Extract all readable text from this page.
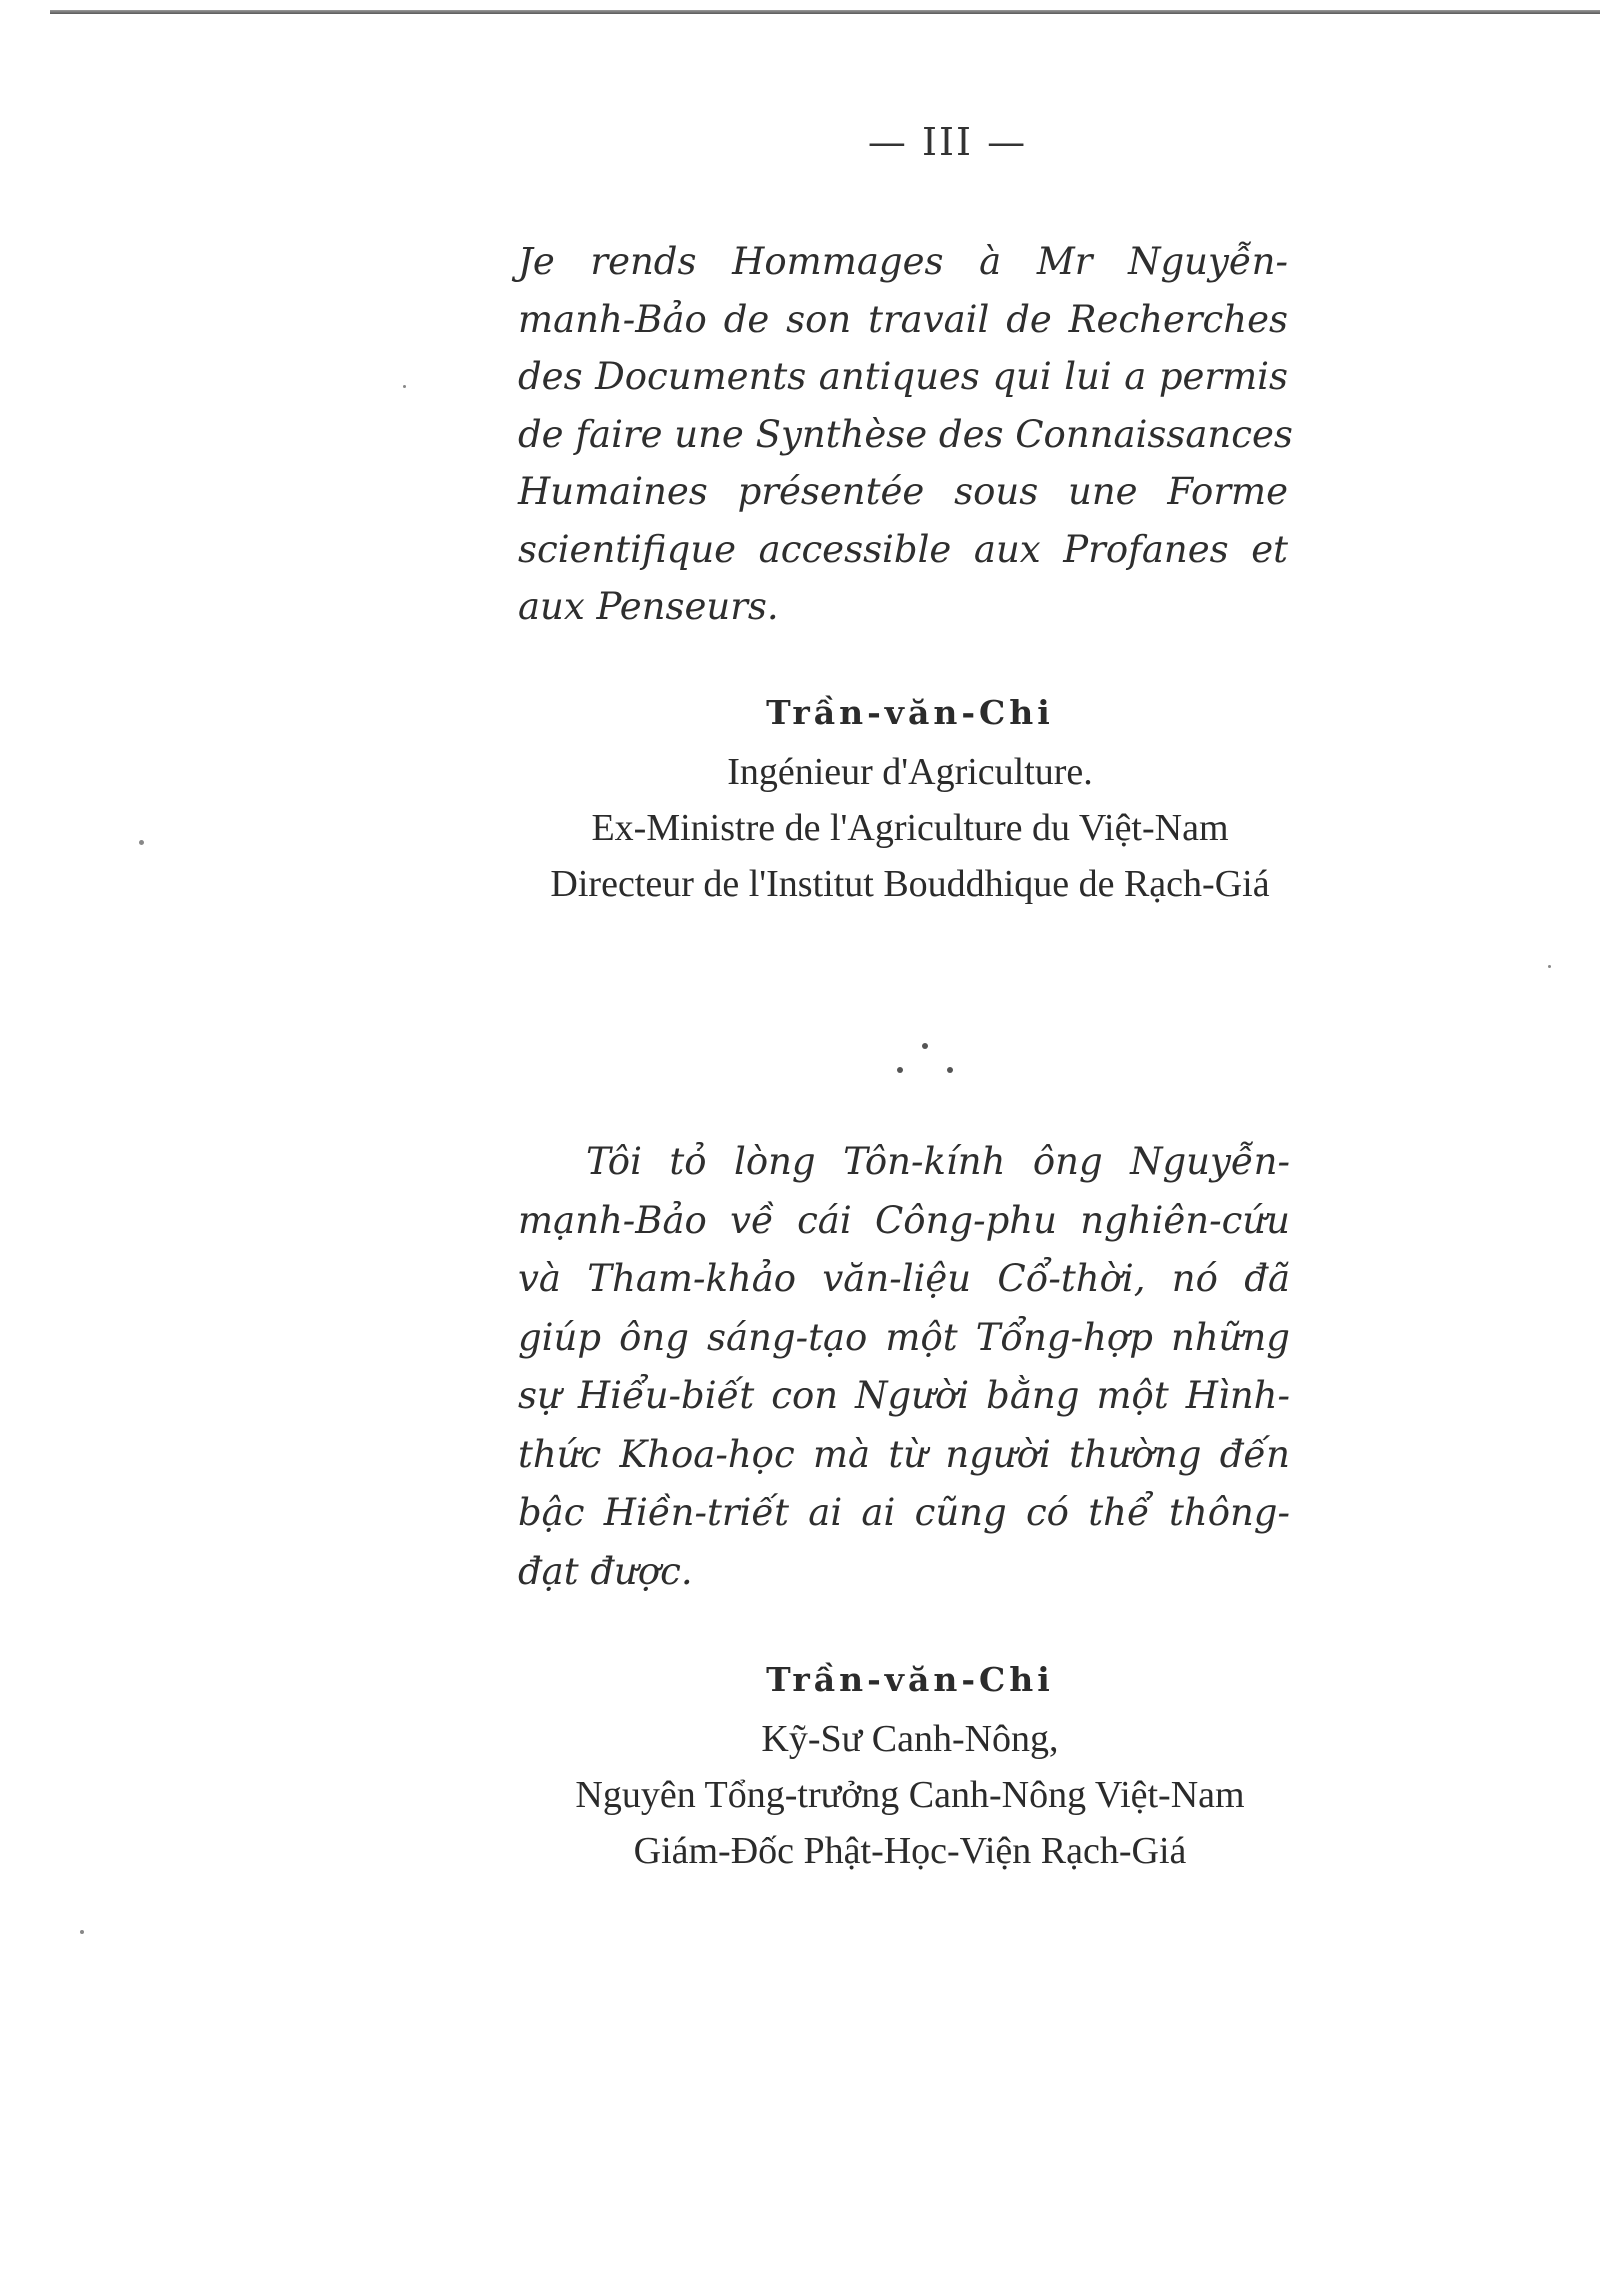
— III —
Je rends Hommages à Mr Nguyễn-
manh-Bảo de son travail de Recherches
des Documents antiques qui lui a permis
de faire une Synthèse des Connaissances
Humaines présentée sous une Forme
scientifique accessible aux Profanes et
aux Penseurs.
Trần-văn-Chi
Ingénieur d'Agriculture.
Ex-Ministre de l'Agriculture du Việt-Nam
Directeur de l'Institut Bouddhique de Rạch-Giá
Tôi tỏ lòng Tôn-kính ông Nguyễn-
mạnh-Bảo về cái Công-phu nghiên-cứu
và Tham-khảo văn-liệu Cổ-thời, nó đã
giúp ông sáng-tạo một Tổng-hợp những
sự Hiểu-biết con Người bằng một Hình-
thức Khoa-học mà từ người thường đến
bậc Hiền-triết ai ai cũng có thể thông-
đạt được.
Trần-văn-Chi
Kỹ-Sư Canh-Nông,
Nguyên Tổng-trưởng Canh-Nông Việt-Nam
Giám-Đốc Phật-Học-Viện Rạch-Giá
